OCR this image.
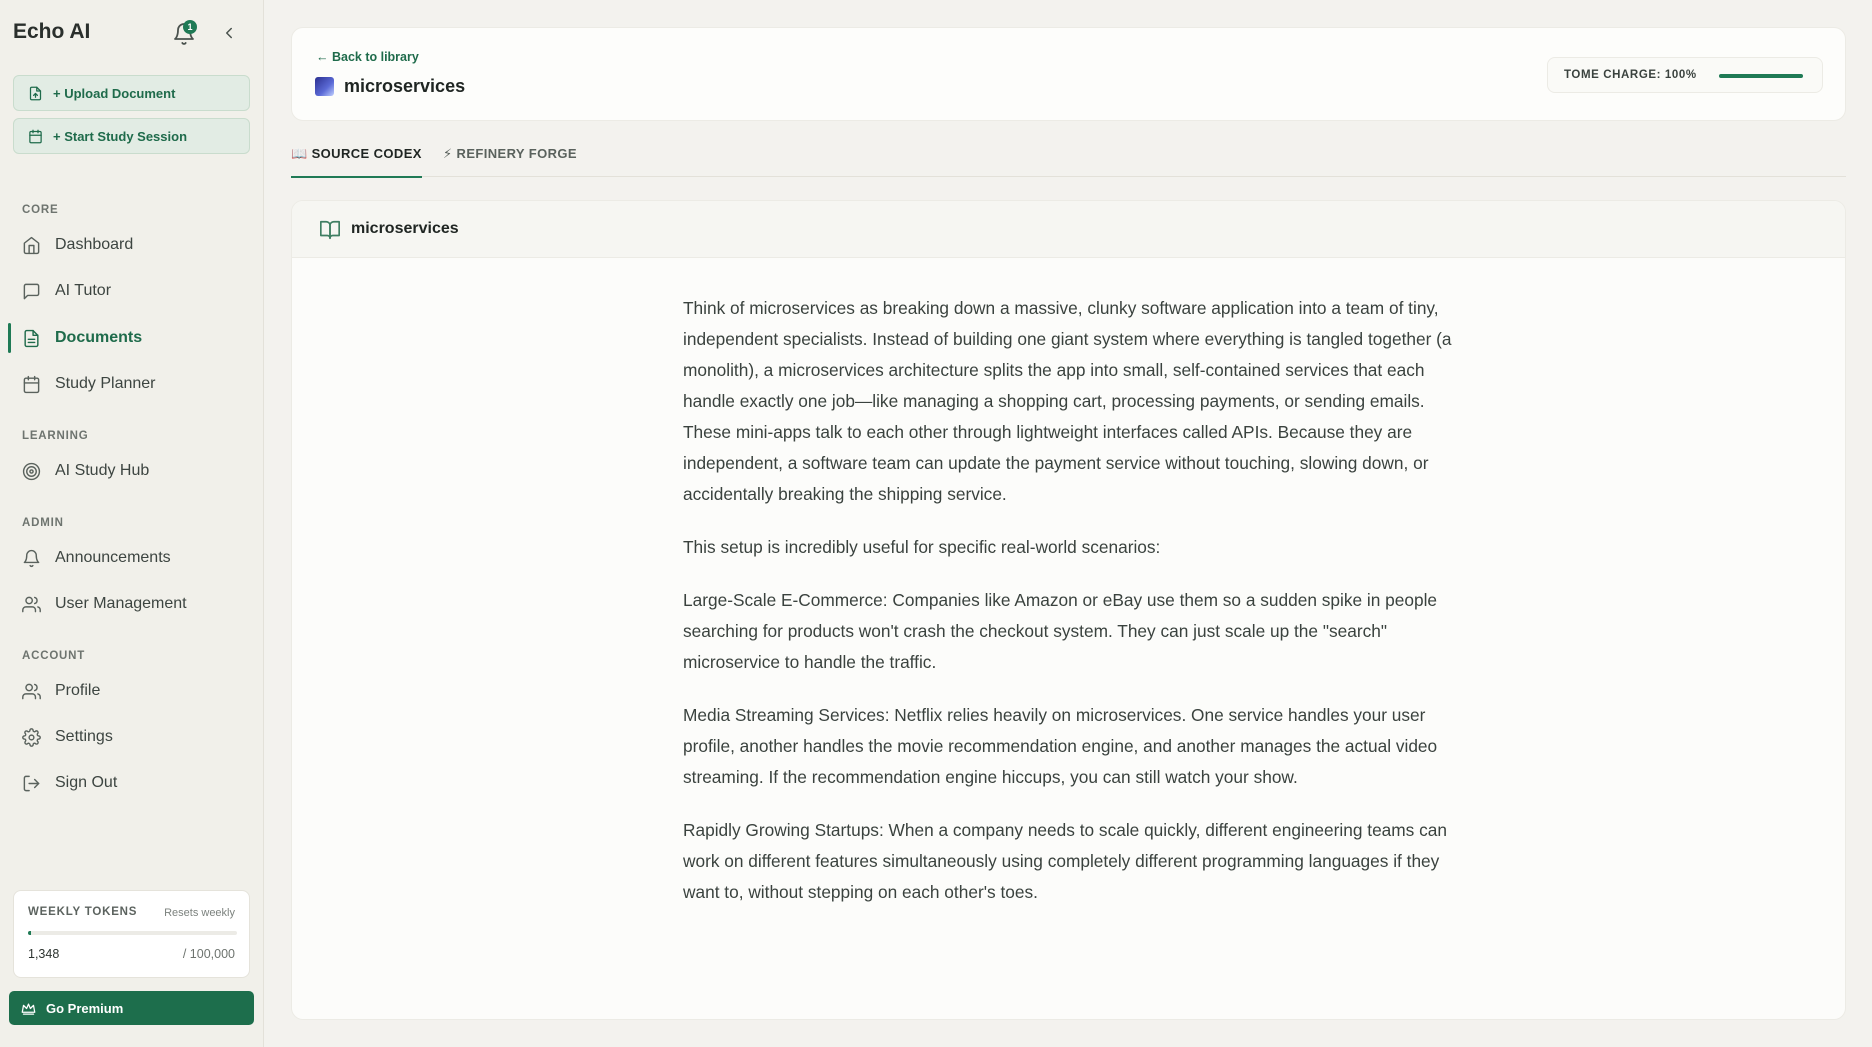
Echo AI	1
+ Upload Document
+ Start Study Session
CORE
Dashboard
AI Tutor
Documents
Study Planner
LEARNING
AI Study Hub
ADMIN
Announcements
User Management
ACCOUNT
Profile
Settings
Sign Out
WEEKLY TOKENS Resets weekly
1,348	/ 100,000
Go Premium
← Back to library
microservices
TOME CHARGE: 100%
📖 SOURCE CODEX ⚡ REFINERY FORGE
microservices

Think of microservices as breaking down a massive, clunky software application into a team of tiny, independent specialists. Instead of building one giant system where everything is tangled together (a monolith), a microservices architecture splits the app into small, self-contained services that each handle exactly one job—like managing a shopping cart, processing payments, or sending emails. These mini-apps talk to each other through lightweight interfaces called APIs. Because they are independent, a software team can update the payment service without touching, slowing down, or accidentally breaking the shipping service.

This setup is incredibly useful for specific real-world scenarios:

Large-Scale E-Commerce: Companies like Amazon or eBay use them so a sudden spike in people searching for products won't crash the checkout system. They can just scale up the "search" microservice to handle the traffic.

Media Streaming Services: Netflix relies heavily on microservices. One service handles your user profile, another handles the movie recommendation engine, and another manages the actual video streaming. If the recommendation engine hiccups, you can still watch your show.

Rapidly Growing Startups: When a company needs to scale quickly, different engineering teams can work on different features simultaneously using completely different programming languages if they want to, without stepping on each other's toes.
